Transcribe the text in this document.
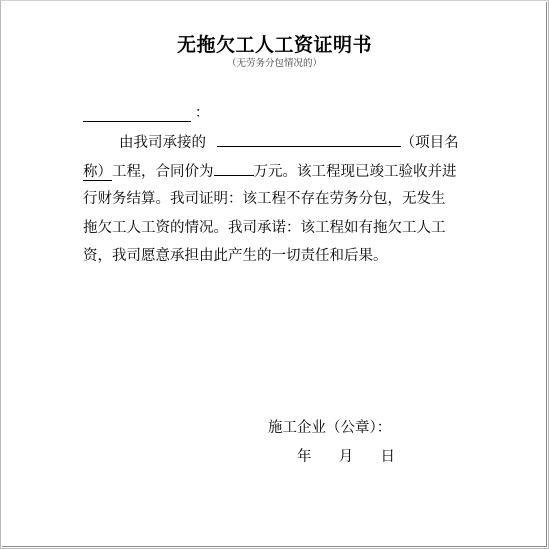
无拖欠工人工资证明书
（无劳务分包情况的）
：
由我司承接的	（项目名
称）工程，合同价为	万元。该工程现已竣工验收并进
行财务结算。我司证明：该工程不存在劳务分包，无发生
拖欠工人工资的情况。我司承诺：该工程如有拖欠工人工
资，我司愿意承担由此产生的一切责任和后果。
施工企业（公章）：
年 月 日
